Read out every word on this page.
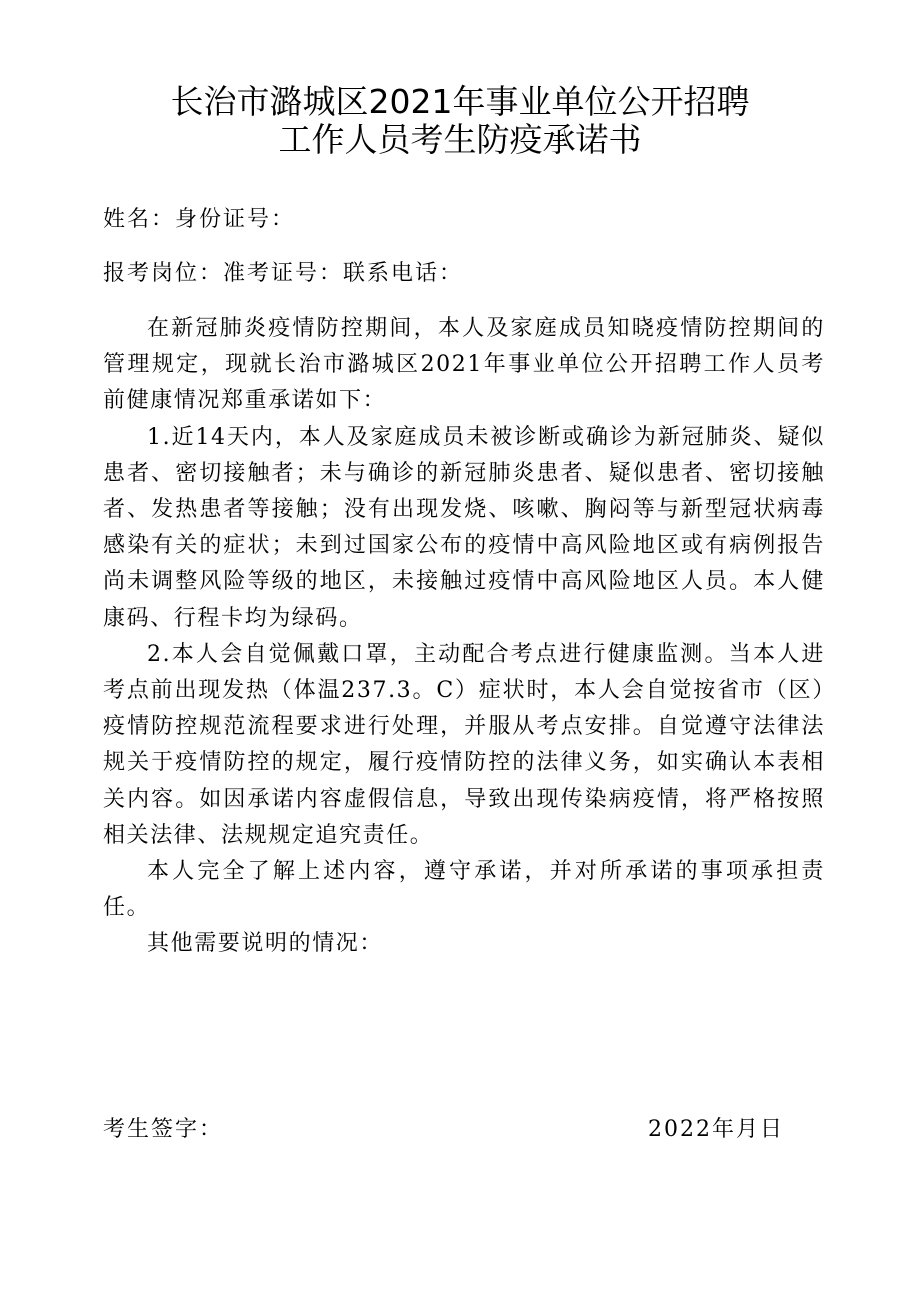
长治市潞城区2021年事业单位公开招聘
工作人员考生防疫承诺书
姓名：身份证号：
报考岗位：准考证号：联系电话：

在新冠肺炎疫情防控期间，本人及家庭成员知晓疫情防控期间的管理规定，现就长治市潞城区2021年事业单位公开招聘工作人员考前健康情况郑重承诺如下：

1.近14天内，本人及家庭成员未被诊断或确诊为新冠肺炎、疑似患者、密切接触者；未与确诊的新冠肺炎患者、疑似患者、密切接触者、发热患者等接触；没有出现发烧、咳嗽、胸闷等与新型冠状病毒感染有关的症状；未到过国家公布的疫情中高风险地区或有病例报告尚未调整风险等级的地区，未接触过疫情中高风险地区人员。本人健康码、行程卡均为绿码。

2.本人会自觉佩戴口罩，主动配合考点进行健康监测。当本人进考点前出现发热（体温237.3。C）症状时，本人会自觉按省市（区）疫情防控规范流程要求进行处理，并服从考点安排。自觉遵守法律法规关于疫情防控的规定，履行疫情防控的法律义务，如实确认本表相关内容。如因承诺内容虚假信息，导致出现传染病疫情，将严格按照相关法律、法规规定追究责任。

本人完全了解上述内容，遵守承诺，并对所承诺的事项承担责任。

其他需要说明的情况：

考生签字：	2022年月日
